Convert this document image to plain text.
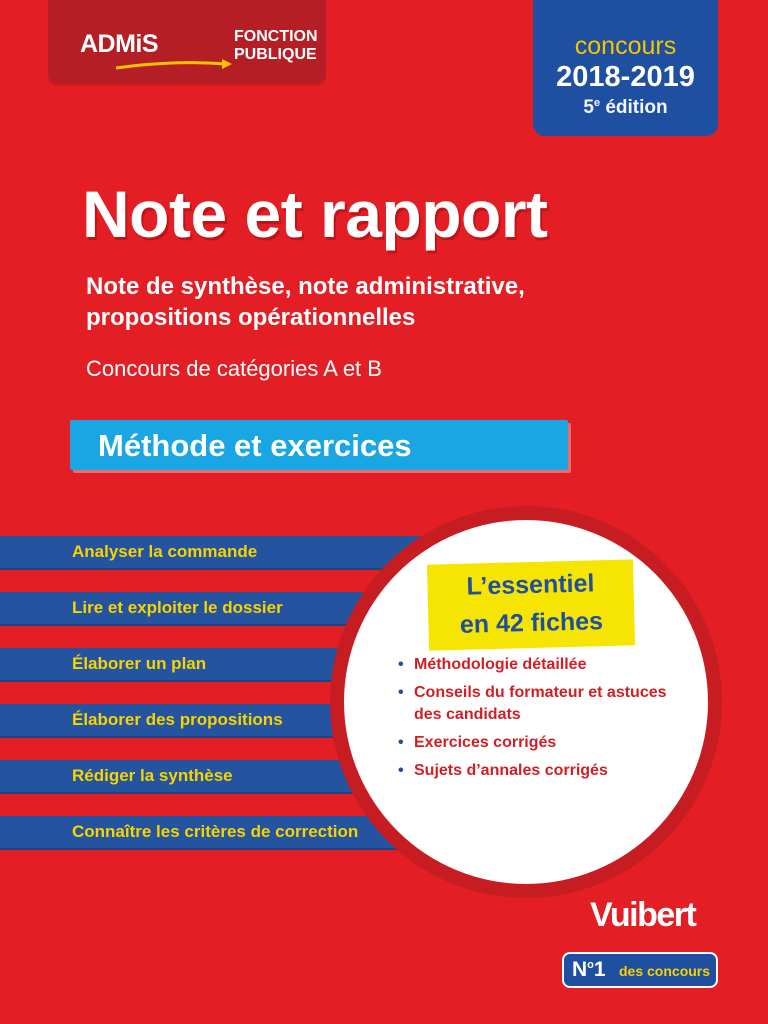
ADMiS	FONCTION
PUBLIQUE	concours
2018-2019
5e édition
Note et rapport
Note de synthèse, note administrative,
propositions opérationnelles
Concours de catégories A et B
Méthode et exercices
Analyser la commande
Lire et exploiter le dossier
Élaborer un plan
Élaborer des propositions
Rédiger la synthèse
Connaître les critères de correction
L’essentiel
en 42 fiches
• Méthodologie détaillée
• Conseils du formateur et astuces des candidats
• Exercices corrigés
• Sujets d’annales corrigés
Vuibert
$N^o1$ des concours
